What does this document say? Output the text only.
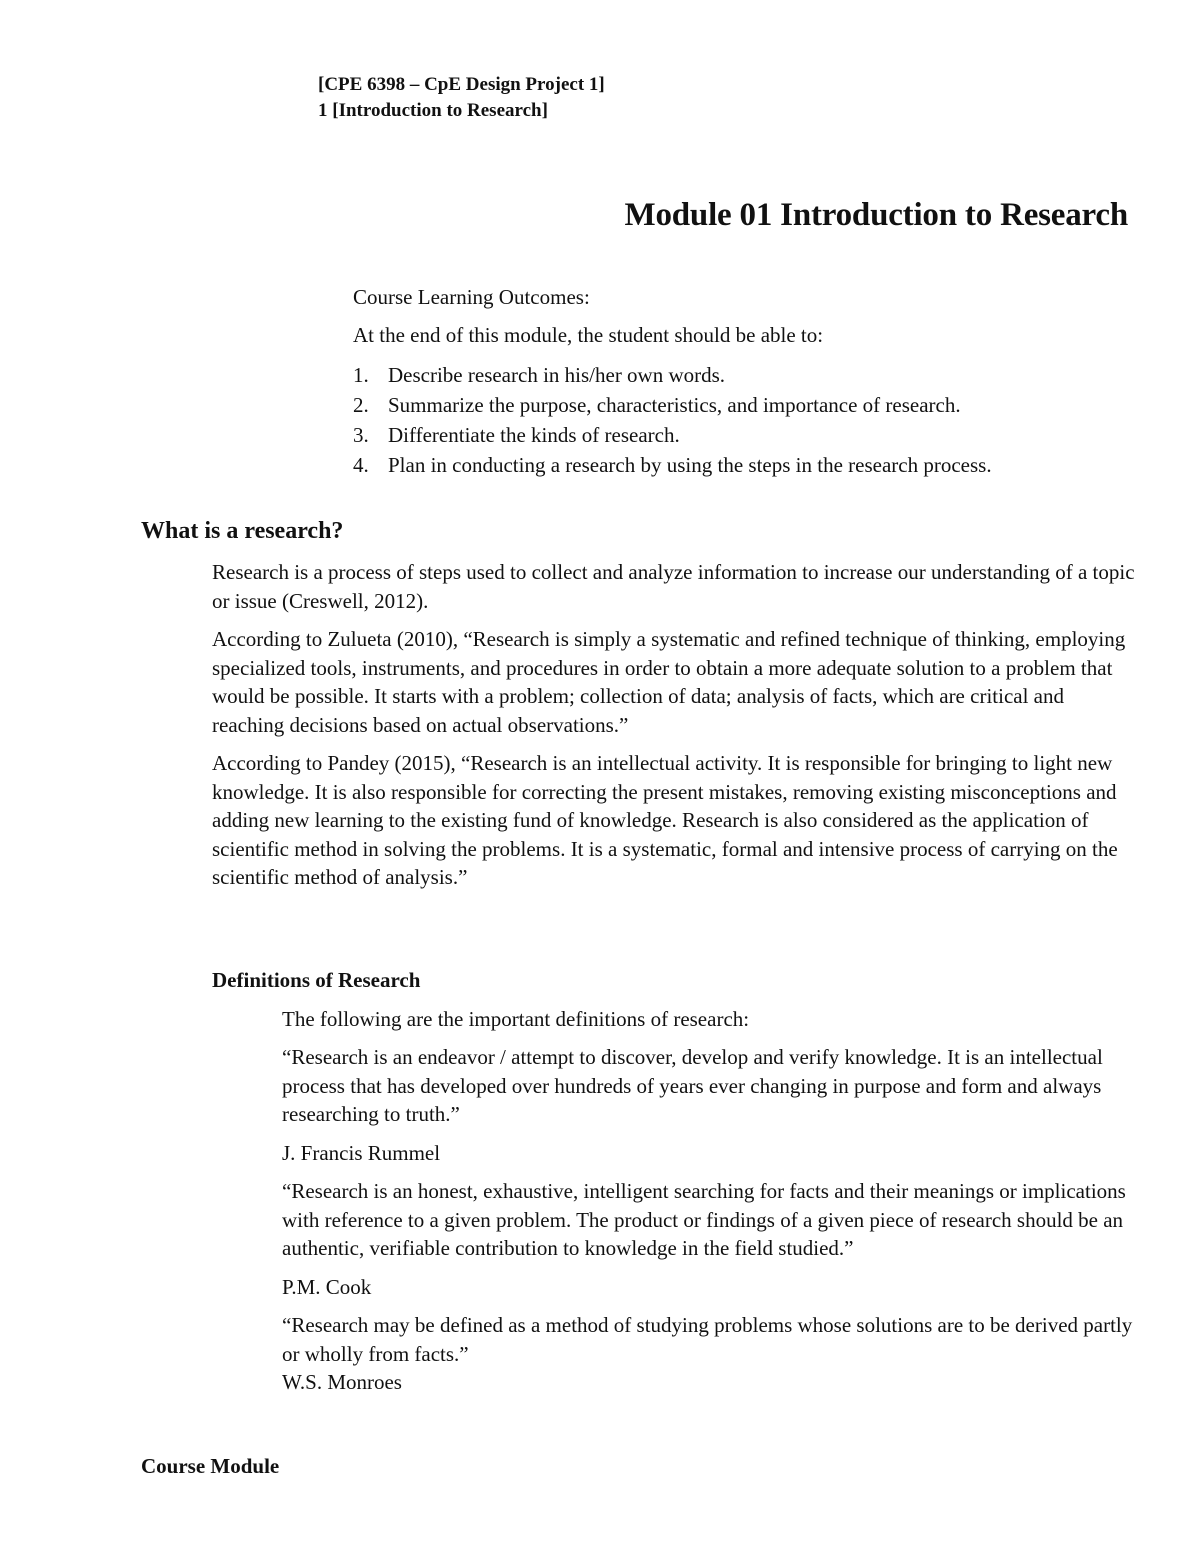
[CPE 6398 – CpE Design Project 1]
1 [Introduction to Research]
Module 01 Introduction to Research
Course Learning Outcomes:
At the end of this module, the student should be able to:
1. Describe research in his/her own words.
2. Summarize the purpose, characteristics, and importance of research.
3. Differentiate the kinds of research.
4. Plan in conducting a research by using the steps in the research process.
What is a research?

Research is a process of steps used to collect and analyze information to increase our understanding of a topic or issue (Creswell, 2012).

According to Zulueta (2010), “Research is simply a systematic and refined technique of thinking, employing specialized tools, instruments, and procedures in order to obtain a more adequate solution to a problem that would be possible. It starts with a problem; collection of data; analysis of facts, which are critical and reaching decisions based on actual observations.”

According to Pandey (2015), “Research is an intellectual activity. It is responsible for bringing to light new knowledge. It is also responsible for correcting the present mistakes, removing existing misconceptions and adding new learning to the existing fund of knowledge. Research is also considered as the application of scientific method in solving the problems. It is a systematic, formal and intensive process of carrying on the scientific method of analysis.”

Definitions of Research

The following are the important definitions of research:

“Research is an endeavor / attempt to discover, develop and verify knowledge. It is an intellectual process that has developed over hundreds of years ever changing in purpose and form and always researching to truth.”

J. Francis Rummel

“Research is an honest, exhaustive, intelligent searching for facts and their meanings or implications with reference to a given problem. The product or findings of a given piece of research should be an authentic, verifiable contribution to knowledge in the field studied.”

P.M. Cook

“Research may be defined as a method of studying problems whose solutions are to be derived partly or wholly from facts.”

W.S. Monroes

Course Module
